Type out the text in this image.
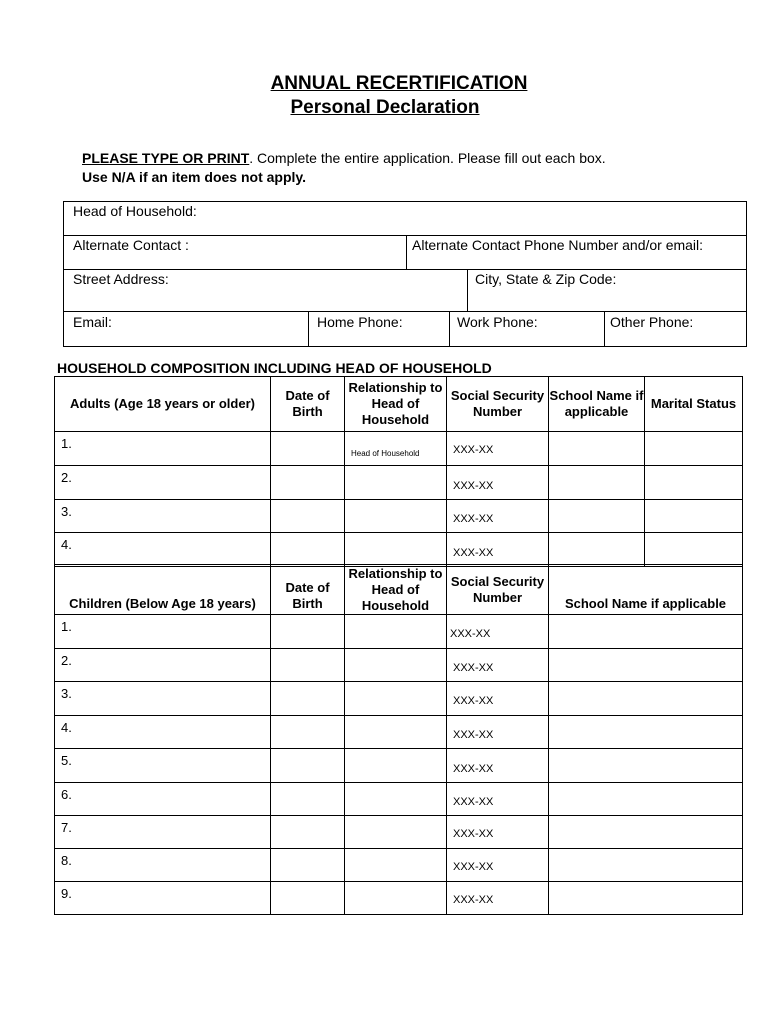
ANNUAL RECERTIFICATION
Personal Declaration
PLEASE TYPE OR PRINT. Complete the entire application. Please fill out each box.
Use N/A if an item does not apply.
Head of Household:
Alternate Contact :	Alternate Contact Phone Number and/or email:
Street Address:	City, State & Zip Code:
Email:	Home Phone:	Work Phone:	Other Phone:
HOUSEHOLD COMPOSITION INCLUDING HEAD OF HOUSEHOLD
Adults (Age 18 years or older)	Date of Birth	Relationship to Head of Household	Social Security Number	School Name if applicable	Marital Status

1.		Head of Household	XXX-XX		

2.			XXX-XX		

3.			XXX-XX		

4.			XXX-XX		

Children (Below Age 18 years)	Date of Birth	Relationship to Head of Household	Social Security Number	School Name if applicable

1.			XXX-XX	

2.			XXX-XX	

3.			XXX-XX	

4.			XXX-XX	

5.			XXX-XX	

6.			XXX-XX	

7.			XXX-XX	

8.			XXX-XX	

9.			XXX-XX	
